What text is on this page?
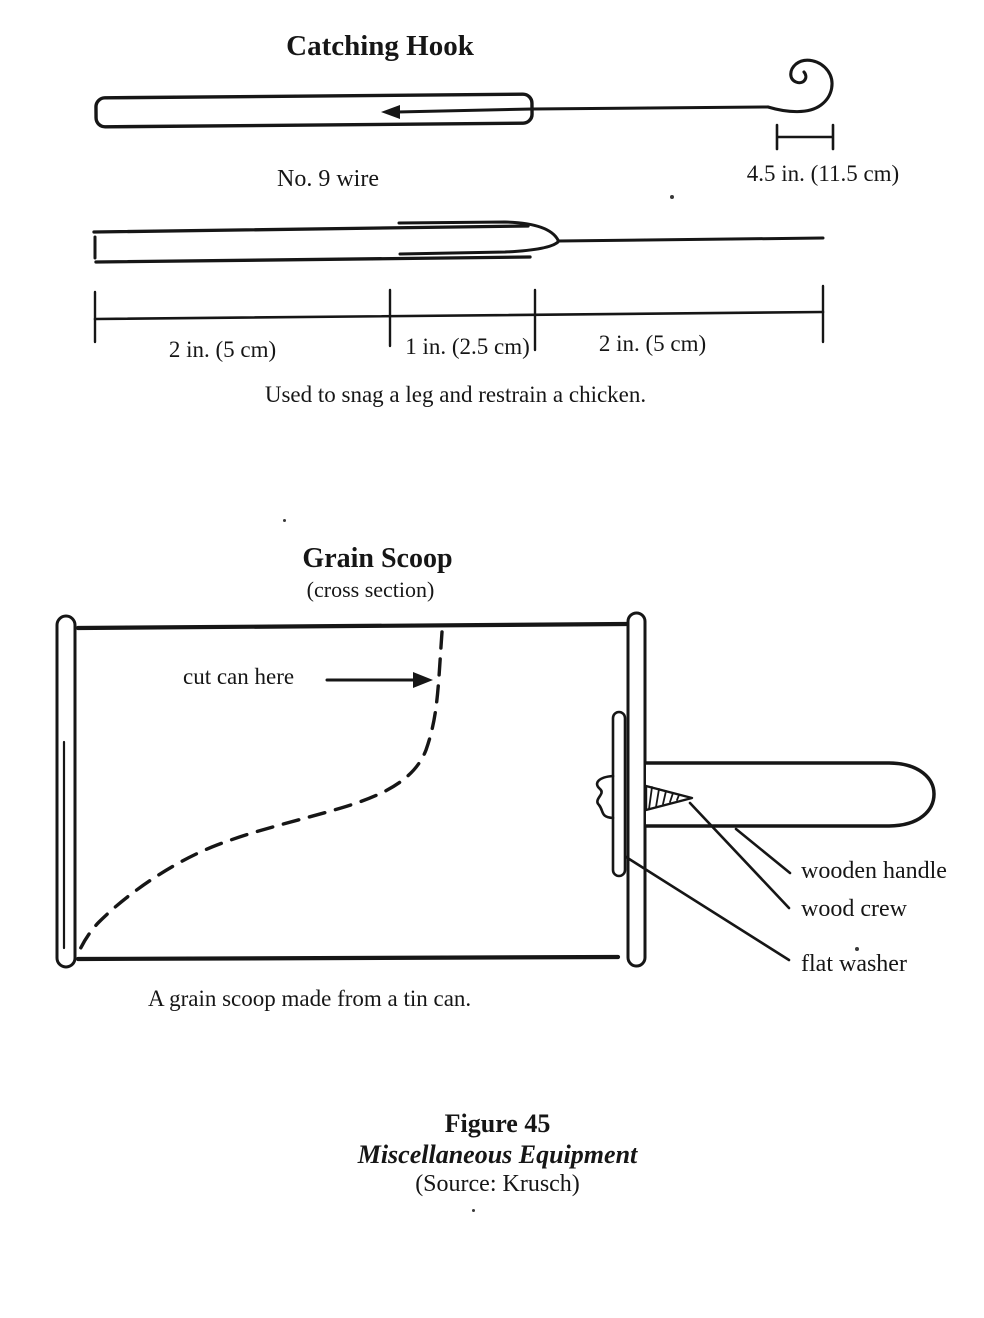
Catching Hook
No. 9 wire	4.5 in. (11.5 cm)
2 in. (5 cm)	1 in. (2.5 cm)	2 in. (5 cm)
Used to snag a leg and restrain a chicken.
Grain Scoop
(cross section)
cut can here
wooden handle
wood crew
flat washer
A grain scoop made from a tin can.
Figure 45
Miscellaneous Equipment
(Source: Krusch)
